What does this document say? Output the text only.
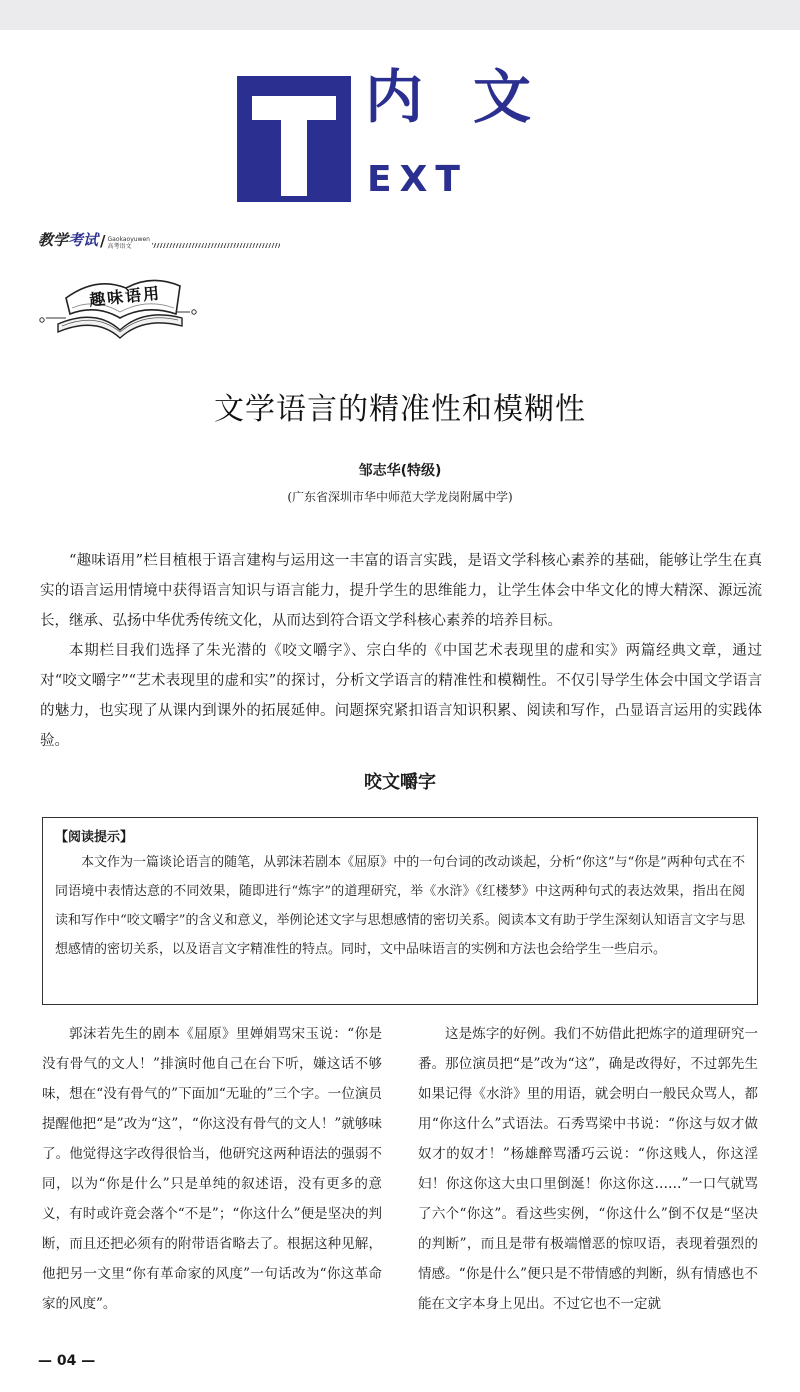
内文
EXT
教学考试 / Gaokaoyuwen
高考语文
趣味语用
文学语言的精准性和模糊性
邹志华(特级)
(广东省深圳市华中师范大学龙岗附属中学)

“趣味语用”栏目植根于语言建构与运用这一丰富的语言实践，是语文学科核心素养的基础，能够让学生在真实的语言运用情境中获得语言知识与语言能力，提升学生的思维能力，让学生体会中华文化的博大精深、源远流长，继承、弘扬中华优秀传统文化，从而达到符合语文学科核心素养的培养目标。

本期栏目我们选择了朱光潜的《咬文嚼字》、宗白华的《中国艺术表现里的虚和实》两篇经典文章，通过对“咬文嚼字”“艺术表现里的虚和实”的探讨，分析文学语言的精准性和模糊性。不仅引导学生体会中国文学语言的魅力，也实现了从课内到课外的拓展延伸。问题探究紧扣语言知识积累、阅读和写作，凸显语言运用的实践体验。

咬文嚼字
【阅读提示】
本文作为一篇谈论语言的随笔，从郭沫若剧本《屈原》中的一句台词的改动谈起，分析“你这”与“你是”两种句式在不同语境中表情达意的不同效果，随即进行“炼字”的道理研究，举《水浒》《红楼梦》中这两种句式的表达效果，指出在阅读和写作中“咬文嚼字”的含义和意义，举例论述文字与思想感情的密切关系。阅读本文有助于学生深刻认知语言文字与思想感情的密切关系，以及语言文字精准性的特点。同时，文中品味语言的实例和方法也会给学生一些启示。

郭沫若先生的剧本《屈原》里婵娟骂宋玉说：“你是没有骨气的文人！”排演时他自己在台下听，嫌这话不够味，想在“没有骨气的”下面加“无耻的”三个字。一位演员提醒他把“是”改为“这”，“你这没有骨气的文人！”就够味了。他觉得这字改得很恰当，他研究这两种语法的强弱不同，以为“你是什么”只是单纯的叙述语，没有更多的意义，有时或许竟会落个“不是”；“你这什么”便是坚决的判断，而且还把必须有的附带语省略去了。根据这种见解，他把另一文里“你有革命家的风度”一句话改为“你这革命家的风度”。

这是炼字的好例。我们不妨借此把炼字的道理研究一番。那位演员把“是”改为“这”，确是改得好，不过郭先生如果记得《水浒》里的用语，就会明白一般民众骂人，都用“你这什么”式语法。石秀骂梁中书说：“你这与奴才做奴才的奴才！”杨雄醉骂潘巧云说：“你这贱人，你这淫妇！你这你这大虫口里倒涎！你这你这……”一口气就骂了六个“你这”。看这些实例，“你这什么”倒不仅是“坚决的判断”，而且是带有极端憎恶的惊叹语，表现着强烈的情感。“你是什么”便只是不带情感的判断，纵有情感也不能在文字本身上见出。不过它也不一定就

— 04 —
